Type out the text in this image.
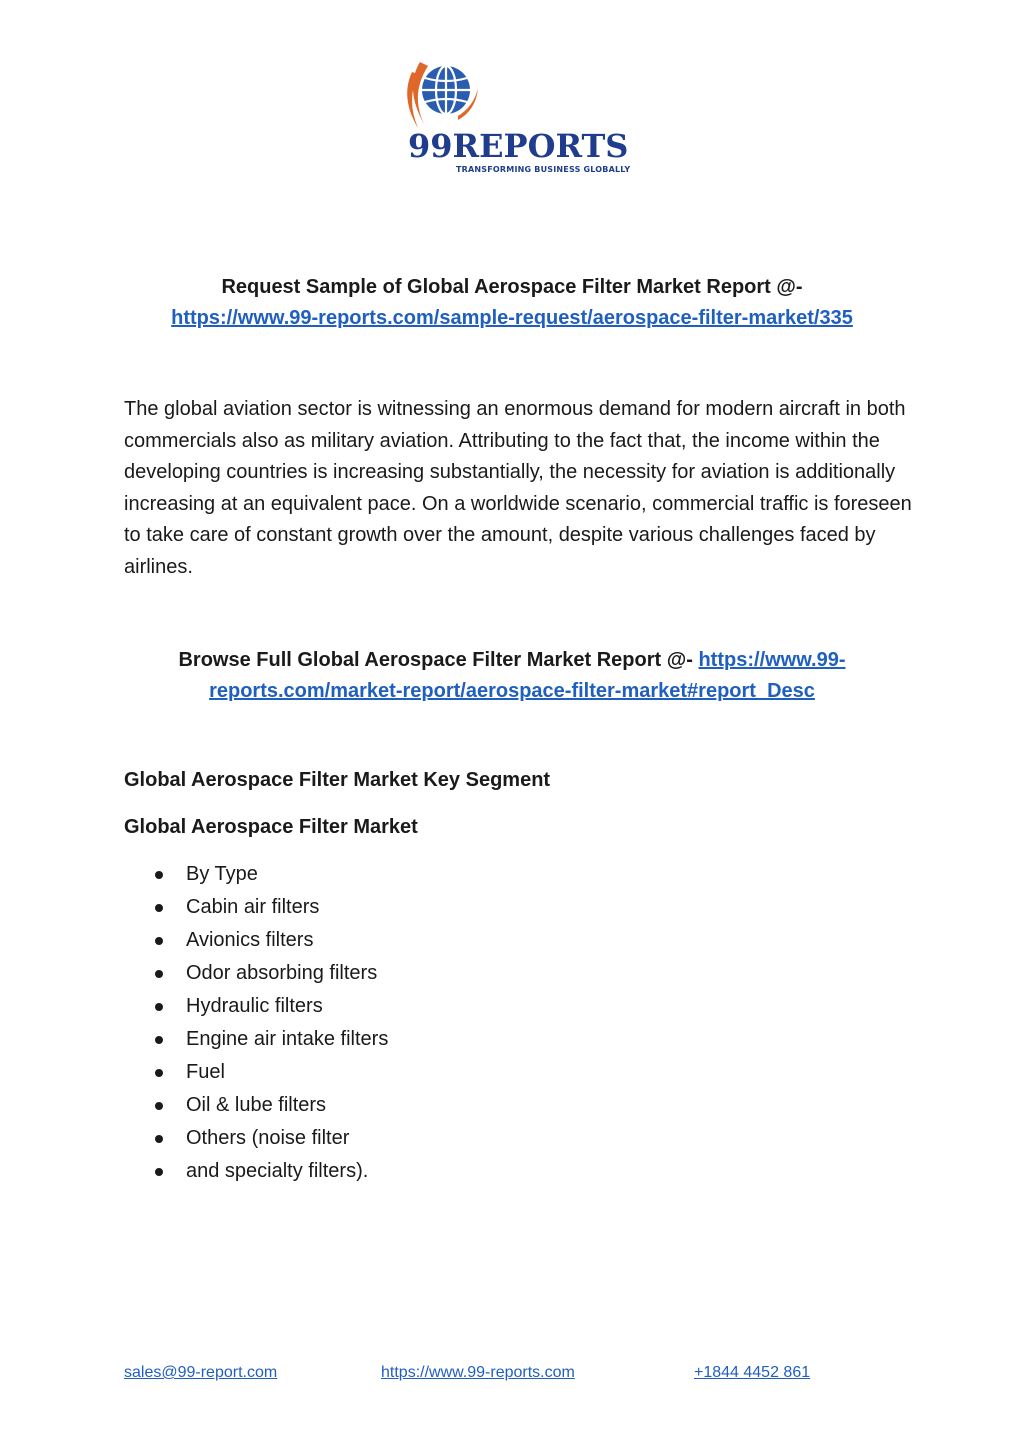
99REPORTS
TRANSFORMING BUSINESS GLOBALLY
Request Sample of Global Aerospace Filter Market Report @-
https://www.99-reports.com/sample-request/aerospace-filter-market/335
The global aviation sector is witnessing an enormous demand for modern aircraft in both commercials also as military aviation. Attributing to the fact that, the income within the developing countries is increasing substantially, the necessity for aviation is additionally increasing at an equivalent pace. On a worldwide scenario, commercial traffic is foreseen to take care of constant growth over the amount, despite various challenges faced by airlines.
Browse Full Global Aerospace Filter Market Report @- https://www.99-
reports.com/market-report/aerospace-filter-market#report_Desc
Global Aerospace Filter Market Key Segment
Global Aerospace Filter Market
By Type
Cabin air filters
Avionics filters
Odor absorbing filters
Hydraulic filters
Engine air intake filters
Fuel
Oil & lube filters
Others (noise filter
and specialty filters).
sales@99-report.com	https://www.99-reports.com	+1844 4452 861
